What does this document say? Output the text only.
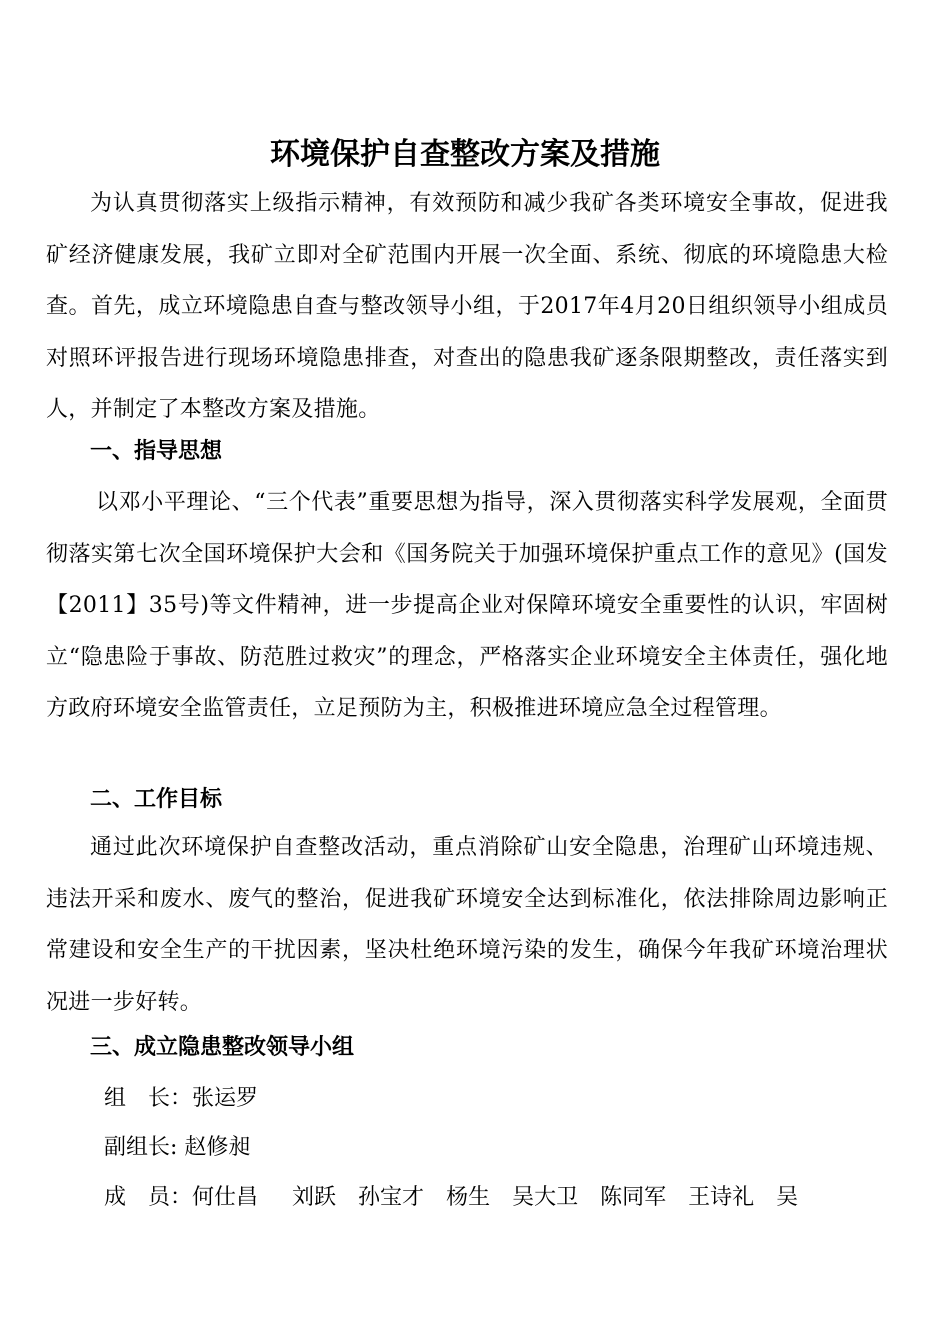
环境保护自查整改方案及措施

为认真贯彻落实上级指示精神，有效预防和减少我矿各类环境安全事故，促进我矿经济健康发展，我矿立即对全矿范围内开展一次全面、系统、彻底的环境隐患大检查。首先，成立环境隐患自查与整改领导小组，于2017年4月20日组织领导小组成员对照环评报告进行现场环境隐患排查，对查出的隐患我矿逐条限期整改，责任落实到人，并制定了本整改方案及措施。

一、指导思想

以邓小平理论、“三个代表”重要思想为指导，深入贯彻落实科学发展观，全面贯彻落实第七次全国环境保护大会和《国务院关于加强环境保护重点工作的意见》(国发【2011】35号)等文件精神，进一步提高企业对保障环境安全重要性的认识，牢固树立“隐患险于事故、防范胜过救灾”的理念，严格落实企业环境安全主体责任，强化地方政府环境安全监管责任，立足预防为主，积极推进环境应急全过程管理。

二、工作目标

通过此次环境保护自查整改活动，重点消除矿山安全隐患，治理矿山环境违规、违法开采和废水、废气的整治，促进我矿环境安全达到标准化，依法排除周边影响正常建设和安全生产的干扰因素，坚决杜绝环境污染的发生，确保今年我矿环境治理状况进一步好转。

三、成立隐患整改领导小组

组　长：张运罗

副组长: 赵修昶

成　员：何仕昌 刘跃 孙宝才 杨生 吴大卫 陈同军 王诗礼 吴
